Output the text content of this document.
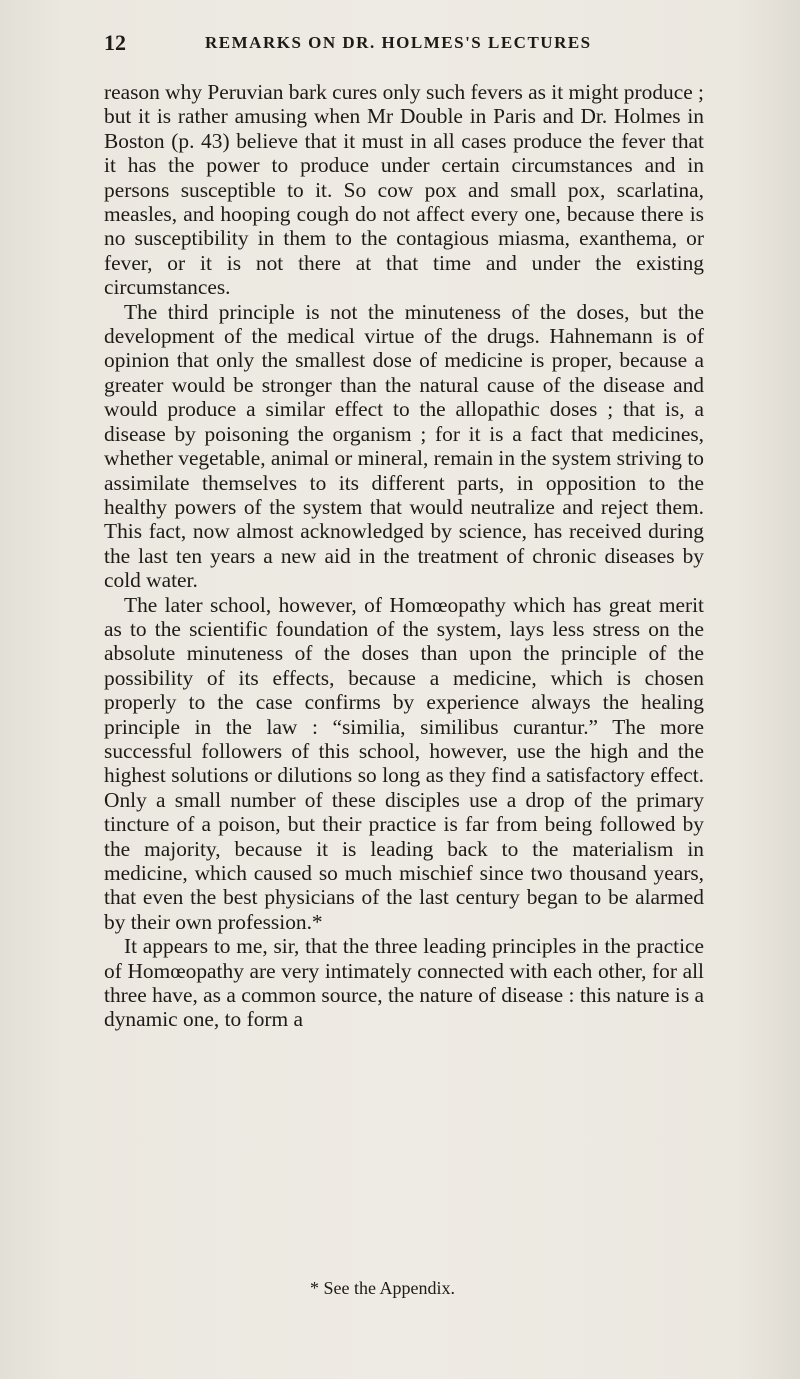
12	REMARKS ON DR. HOLMES'S LECTURES

reason why Peruvian bark cures only such fevers as it might produce ; but it is rather amusing when Mr Double in Paris and Dr. Holmes in Boston (p. 43) believe that it must in all cases produce the fever that it has the power to produce under certain circumstances and in persons susceptible to it. So cow pox and small pox, scarlatina, measles, and hooping cough do not affect every one, because there is no susceptibility in them to the contagious miasma, exanthema, or fever, or it is not there at that time and under the existing circumstances.

The third principle is not the minuteness of the doses, but the development of the medical virtue of the drugs. Hahnemann is of opinion that only the smallest dose of medicine is proper, because a greater would be stronger than the natural cause of the disease and would produce a similar effect to the allopathic doses ; that is, a disease by poisoning the organism ; for it is a fact that medicines, whether vegetable, animal or mineral, remain in the system striving to assimilate themselves to its different parts, in opposition to the healthy powers of the system that would neutralize and reject them. This fact, now almost acknowledged by science, has received during the last ten years a new aid in the treatment of chronic diseases by cold water.

The later school, however, of Homœopathy which has great merit as to the scientific foundation of the system, lays less stress on the absolute minuteness of the doses than upon the principle of the possibility of its effects, because a medicine, which is chosen properly to the case confirms by experience always the healing principle in the law : “similia, similibus curantur.” The more successful followers of this school, however, use the high and the highest solutions or dilutions so long as they find a satisfactory effect. Only a small number of these disciples use a drop of the primary tincture of a poison, but their practice is far from being followed by the majority, because it is leading back to the materialism in medicine, which caused so much mischief since two thousand years, that even the best physicians of the last century began to be alarmed by their own profession.*

It appears to me, sir, that the three leading principles in the practice of Homœopathy are very intimately connected with each other, for all three have, as a common source, the nature of disease : this nature is a dynamic one, to form a

* See the Appendix.
